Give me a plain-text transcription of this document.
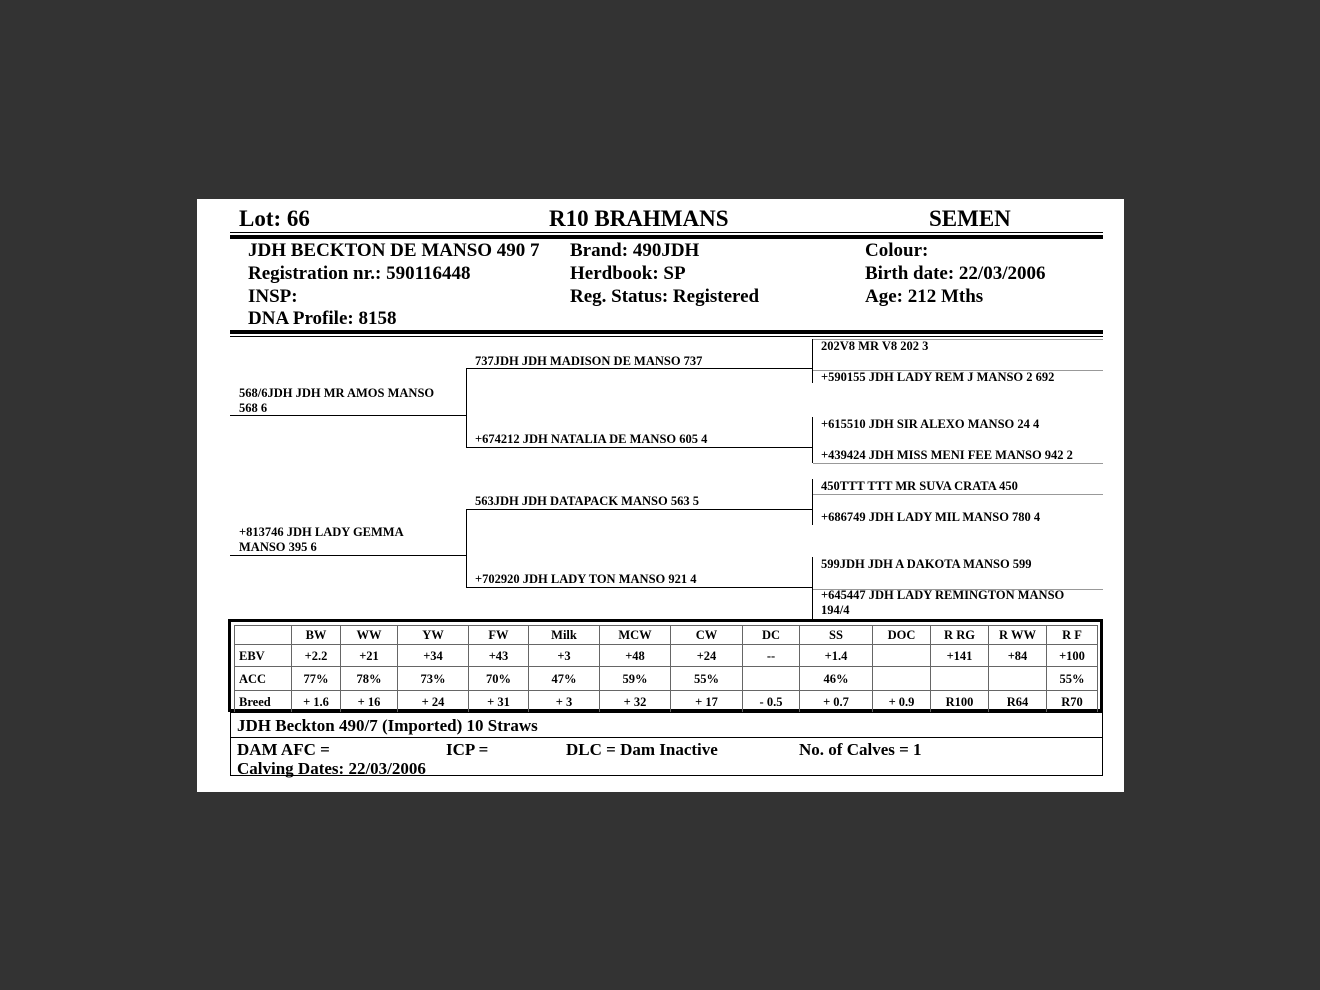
Lot: 66	R10 BRAHMANS	SEMEN
JDH BECKTON DE MANSO 490 7
Registration nr.: 590116448
INSP:
DNA Profile: 8158
Brand: 490JDH
Herdbook: SP
Reg. Status: Registered
Colour:
Birth date: 22/03/2006
Age: 212 Mths
568/6JDH JDH MR AMOS MANSO
568 6
+813746 JDH LADY GEMMA
MANSO 395 6
737JDH JDH MADISON DE MANSO 737
+674212 JDH NATALIA DE MANSO 605 4
563JDH JDH DATAPACK MANSO 563 5
+702920 JDH LADY TON MANSO 921 4
202V8 MR V8 202 3
+590155 JDH LADY REM J MANSO 2 692
+615510 JDH SIR ALEXO MANSO 24 4
+439424 JDH MISS MENI FEE MANSO 942 2
450TTT TTT MR SUVA CRATA 450
+686749 JDH LADY MIL MANSO 780 4
599JDH JDH A DAKOTA MANSO 599
+645447 JDH LADY REMINGTON MANSO
194/4
	BW	WW	YW	FW	Milk	MCW	CW	DC	SS	DOC	R RG	R WW	R F
EBV	+2.2	+21	+34	+43	+3	+48	+24	--	+1.4		+141	+84	+100
ACC	77%	78%	73%	70%	47%	59%	55%		46%				55%
Breed	+ 1.6	+ 16	+ 24	+ 31	+ 3	+ 32	+ 17	- 0.5	+ 0.7	+ 0.9	R100	R64	R70
JDH Beckton 490/7 (Imported) 10 Straws
DAM AFC =	ICP =	DLC = Dam Inactive	No. of Calves = 1
Calving Dates: 22/03/2006
